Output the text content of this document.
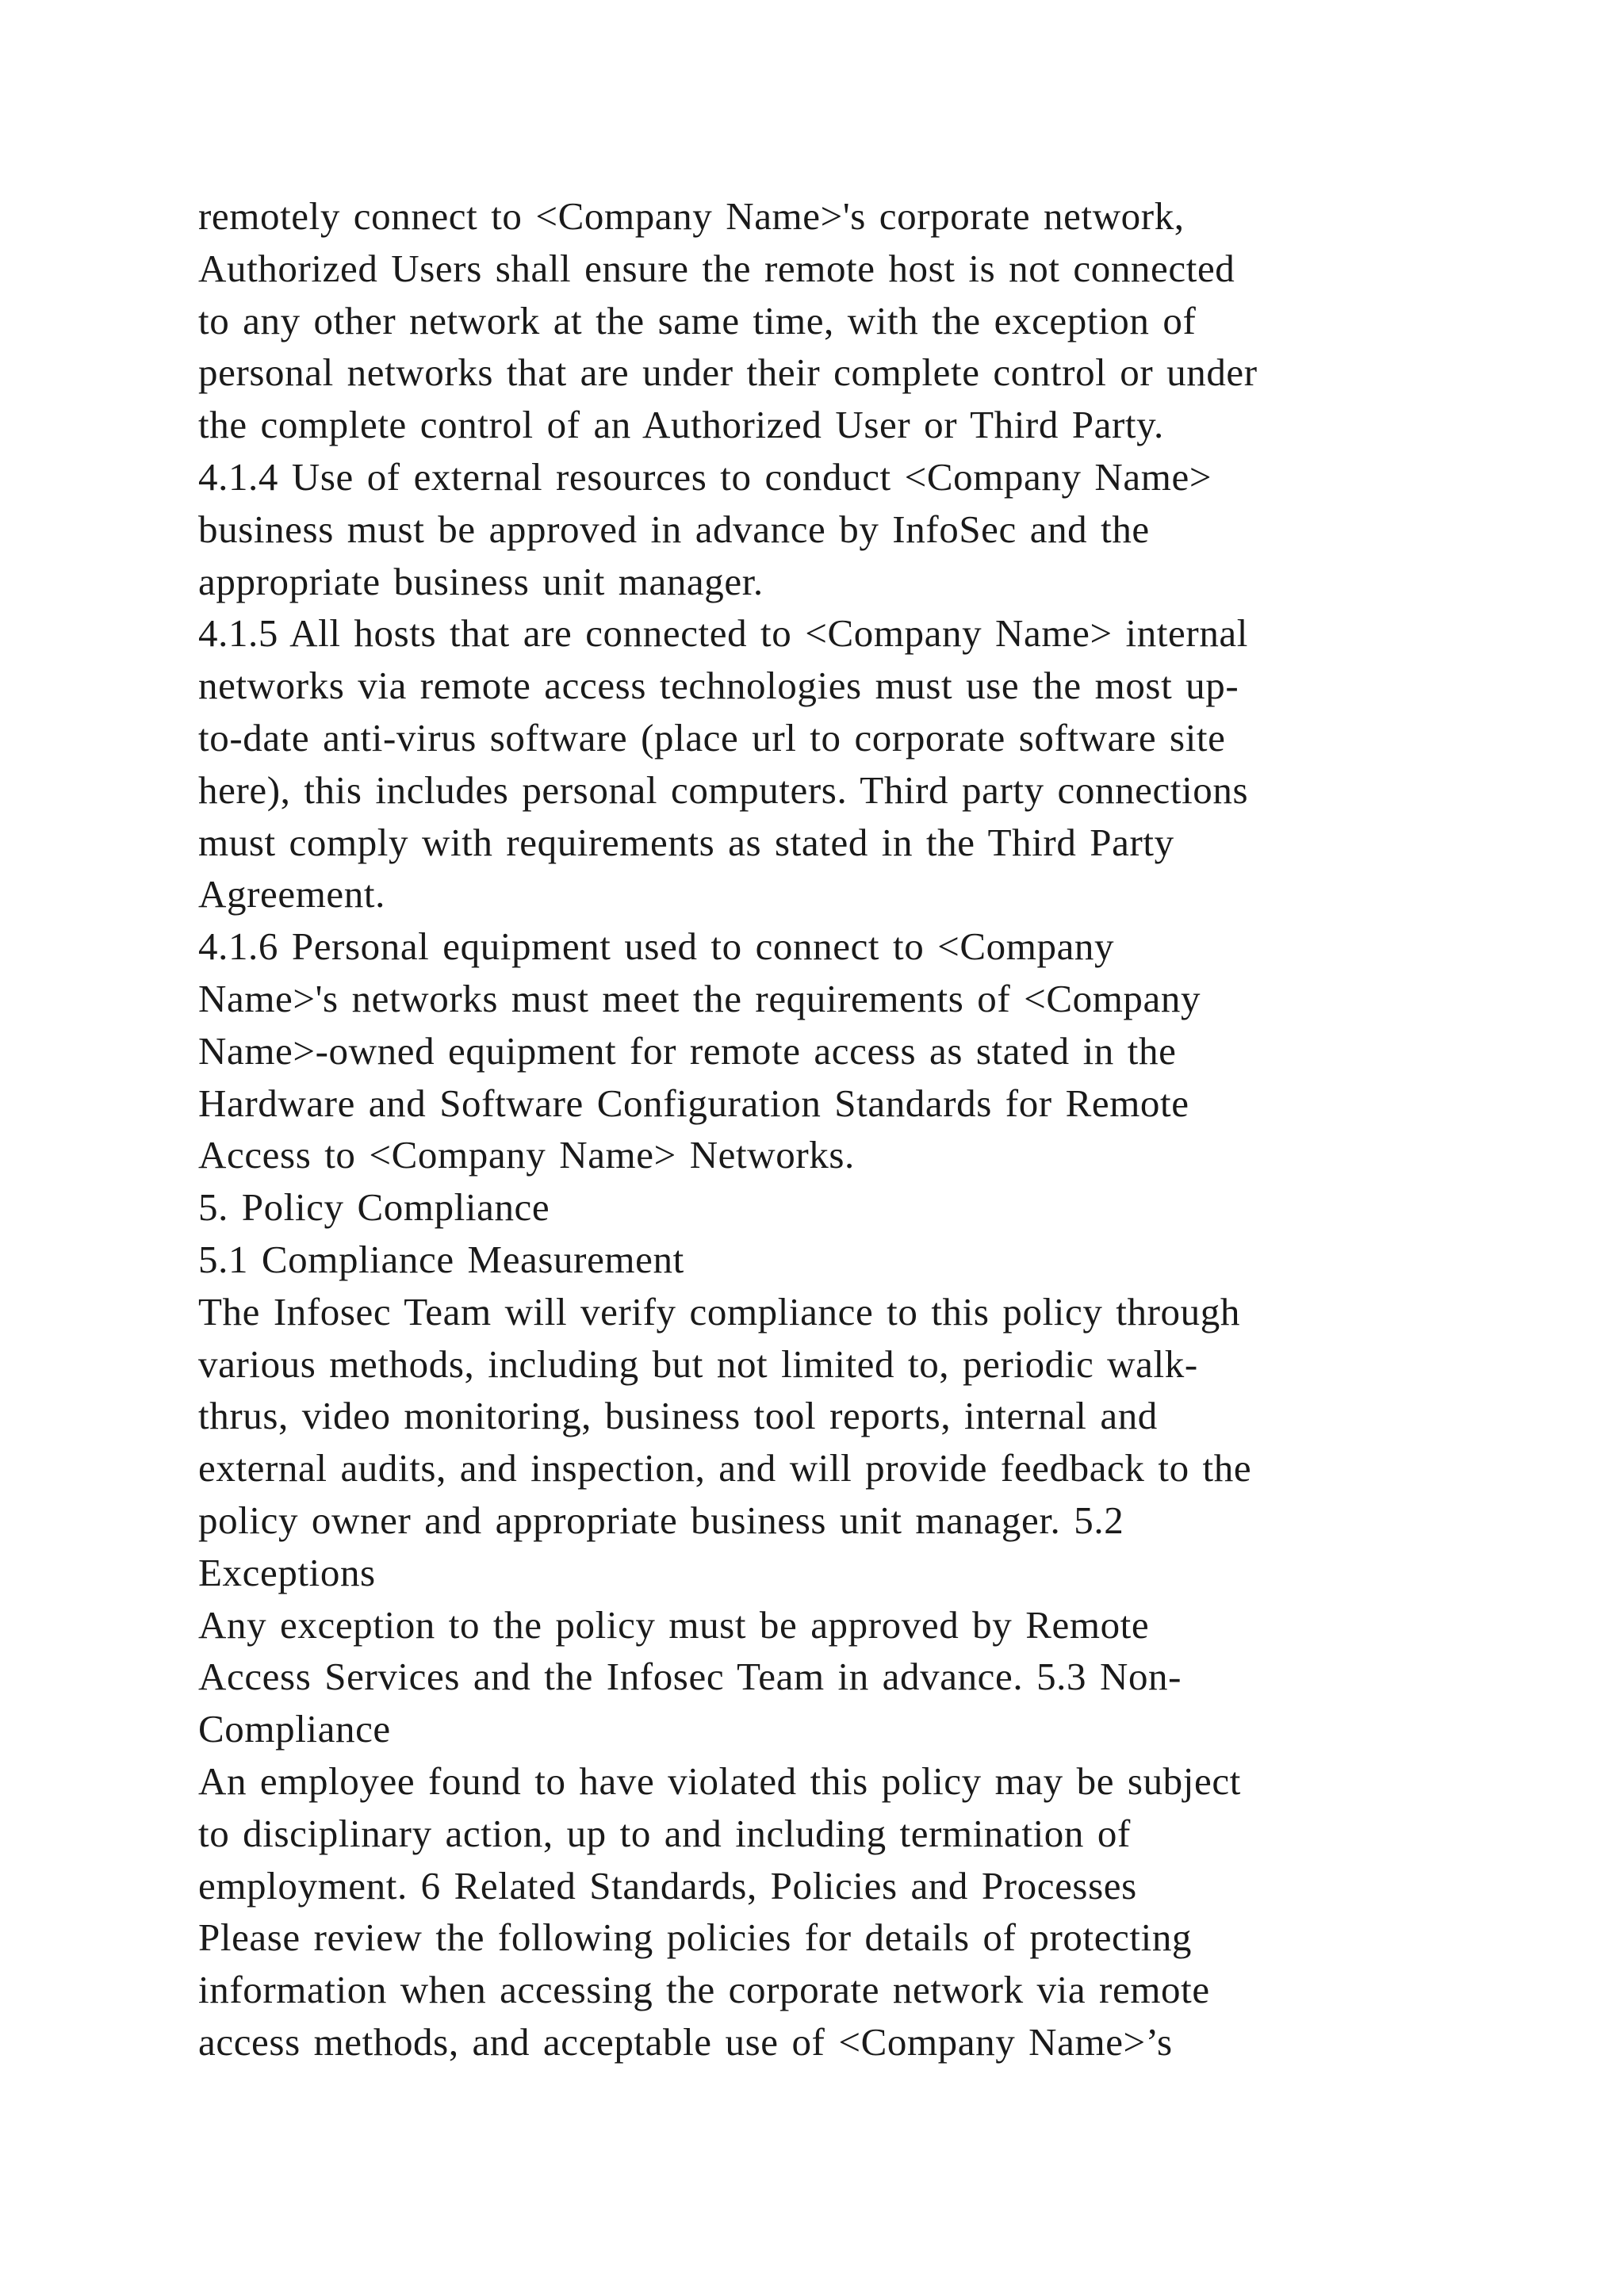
remotely connect to <Company Name>'s corporate network,
Authorized Users shall ensure the remote host is not connected
to any other network at the same time, with the exception of
personal networks that are under their complete control or under
the complete control of an Authorized User or Third Party.
4.1.4 Use of external resources to conduct <Company Name>
business must be approved in advance by InfoSec and the
appropriate business unit manager.
4.1.5 All hosts that are connected to <Company Name> internal
networks via remote access technologies must use the most up-
to-date anti-virus software (place url to corporate software site
here), this includes personal computers. Third party connections
must comply with requirements as stated in the Third Party
Agreement.
4.1.6 Personal equipment used to connect to <Company
Name>'s networks must meet the requirements of <Company
Name>-owned equipment for remote access as stated in the
Hardware and Software Configuration Standards for Remote
Access to <Company Name> Networks.
5. Policy Compliance
5.1 Compliance Measurement
The Infosec Team will verify compliance to this policy through
various methods, including but not limited to, periodic walk-
thrus, video monitoring, business tool reports, internal and
external audits, and inspection, and will provide feedback to the
policy owner and appropriate business unit manager. 5.2
Exceptions
Any exception to the policy must be approved by Remote
Access Services and the Infosec Team in advance. 5.3 Non-
Compliance
An employee found to have violated this policy may be subject
to disciplinary action, up to and including termination of
employment. 6 Related Standards, Policies and Processes
Please review the following policies for details of protecting
information when accessing the corporate network via remote
access methods, and acceptable use of <Company Name>’s
